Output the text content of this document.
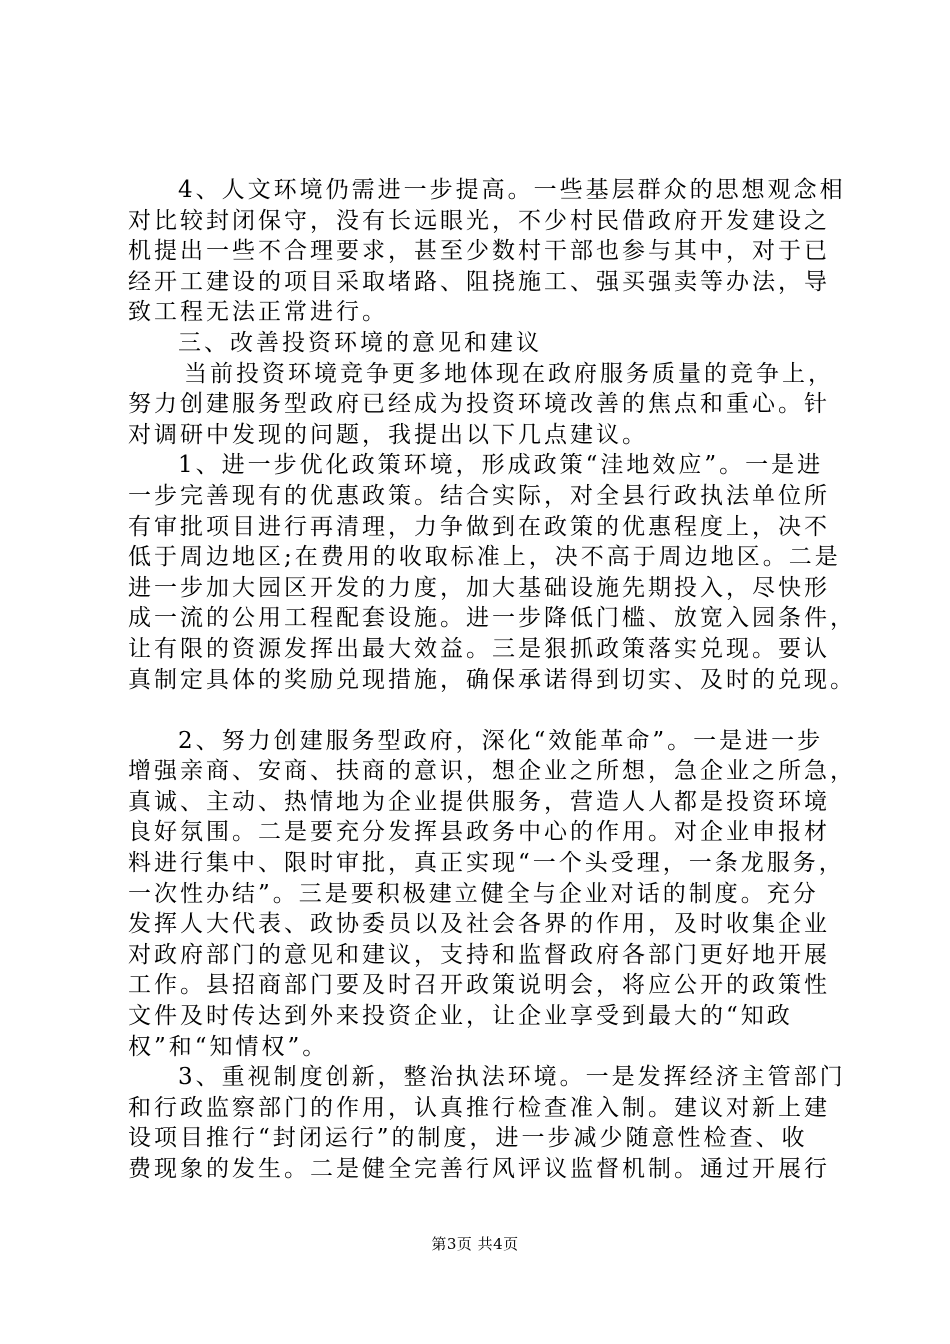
4、人文环境仍需进一步提高。一些基层群众的思想观念相
对比较封闭保守，没有长远眼光，不少村民借政府开发建设之
机提出一些不合理要求，甚至少数村干部也参与其中，对于已
经开工建设的项目采取堵路、阻挠施工、强买强卖等办法，导
致工程无法正常进行。
三、改善投资环境的意见和建议
当前投资环境竞争更多地体现在政府服务质量的竞争上，
努力创建服务型政府已经成为投资环境改善的焦点和重心。针
对调研中发现的问题，我提出以下几点建议。
1、进一步优化政策环境，形成政策“洼地效应”。一是进
一步完善现有的优惠政策。结合实际，对全县行政执法单位所
有审批项目进行再清理，力争做到在政策的优惠程度上，决不
低于周边地区;在费用的收取标准上，决不高于周边地区。二是
进一步加大园区开发的力度，加大基础设施先期投入，尽快形
成一流的公用工程配套设施。进一步降低门槛、放宽入园条件，
让有限的资源发挥出最大效益。三是狠抓政策落实兑现。要认
真制定具体的奖励兑现措施，确保承诺得到切实、及时的兑现。
2、努力创建服务型政府，深化“效能革命”。一是进一步
增强亲商、安商、扶商的意识，想企业之所想，急企业之所急，
真诚、主动、热情地为企业提供服务，营造人人都是投资环境
良好氛围。二是要充分发挥县政务中心的作用。对企业申报材
料进行集中、限时审批，真正实现“一个头受理，一条龙服务，
一次性办结”。三是要积极建立健全与企业对话的制度。充分
发挥人大代表、政协委员以及社会各界的作用，及时收集企业
对政府部门的意见和建议，支持和监督政府各部门更好地开展
工作。县招商部门要及时召开政策说明会，将应公开的政策性
文件及时传达到外来投资企业，让企业享受到最大的“知政
权”和“知情权”。
3、重视制度创新，整治执法环境。一是发挥经济主管部门
和行政监察部门的作用，认真推行检查准入制。建议对新上建
设项目推行“封闭运行”的制度，进一步减少随意性检查、收
费现象的发生。二是健全完善行风评议监督机制。通过开展行
第3页 共4页
